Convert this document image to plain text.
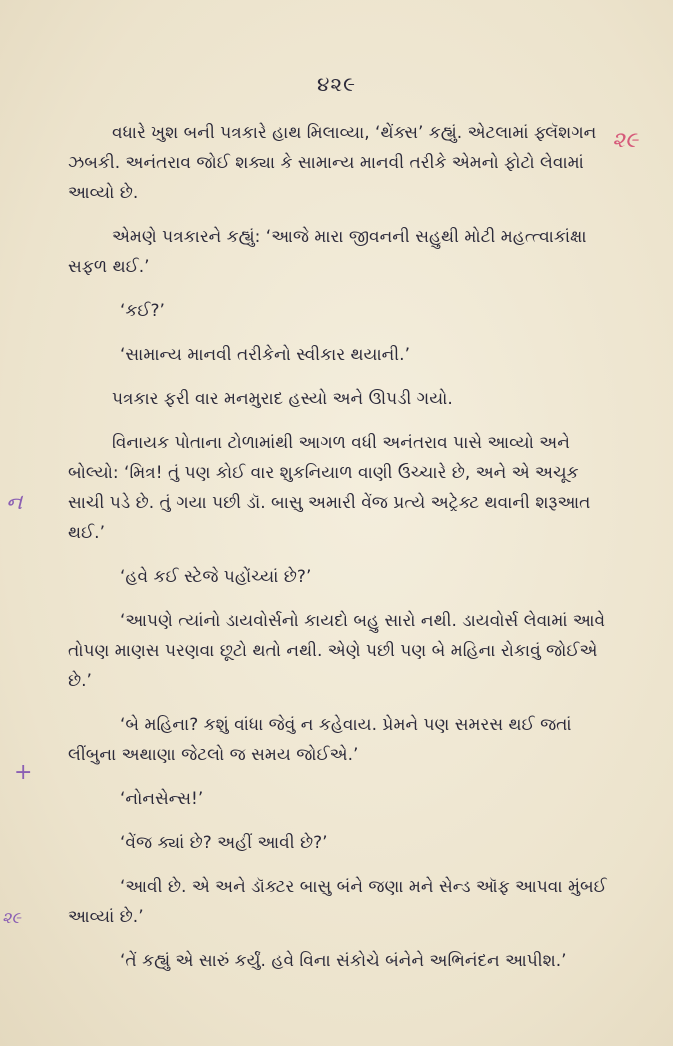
૪૨૯

વધારે ખુશ બની પત્રકારે હાથ મિલાવ્યા, ‘થેંક્સ’ કહ્યું. એટલામાં ફ્લૅશગન ઝબકી. અનંતરાવ જોઈ શક્યા કે સામાન્ય માનવી તરીકે એમનો ફોટો લેવામાં આવ્યો છે.

એમણે પત્રકારને કહ્યું: ‘આજે મારા જીવનની સહુથી મોટી મહત્ત્વાકાંક્ષા સફળ થઈ.’

‘કઈ?’

‘સામાન્ય માનવી તરીકેનો સ્વીકાર થયાની.’

પત્રકાર ફરી વાર મનમુરાદ હસ્યો અને ઊપડી ગયો.

વિનાયક પોતાના ટોળામાંથી આગળ વધી અનંતરાવ પાસે આવ્યો અને બોલ્યો: ‘મિત્ર! તું પણ કોઈ વાર શુકનિયાળ વાણી ઉચ્ચારે છે, અને એ અચૂક સાચી પડે છે. તું ગયા પછી ડૉ. બાસુ અમારી વેંજ પ્રત્યે અટ્રેક્ટ થવાની શરૂઆત થઈ.’

‘હવે કઈ સ્ટેજે પહોંચ્યાં છે?’

‘આપણે ત્યાંનો ડાયવોર્સનો કાયદો બહુ સારો નથી. ડાયવોર્સ લેવામાં આવે તોપણ માણસ પરણવા છૂટો થતો નથી. એણે પછી પણ બે મહિના રોકાવું જોઈએ છે.’

‘બે મહિના? કશું વાંધા જેવું ન કહેવાય. પ્રેમને પણ સમરસ થઈ જતાં લીંબુના અથાણા જેટલો જ સમય જોઈએ.’

‘નોનસેન્સ!’

‘વેંજ ક્યાં છે? અહીં આવી છે?’

‘આવી છે. એ અને ડૉક્ટર બાસુ બંને જણા મને સેન્ડ ઑફ આપવા મુંબઈ આવ્યાં છે.’

‘તેં કહ્યું એ સારું કર્યું. હવે વિના સંકોચે બંનેને અભિનંદન આપીશ.’

૨૯
ન
+
૨૯
